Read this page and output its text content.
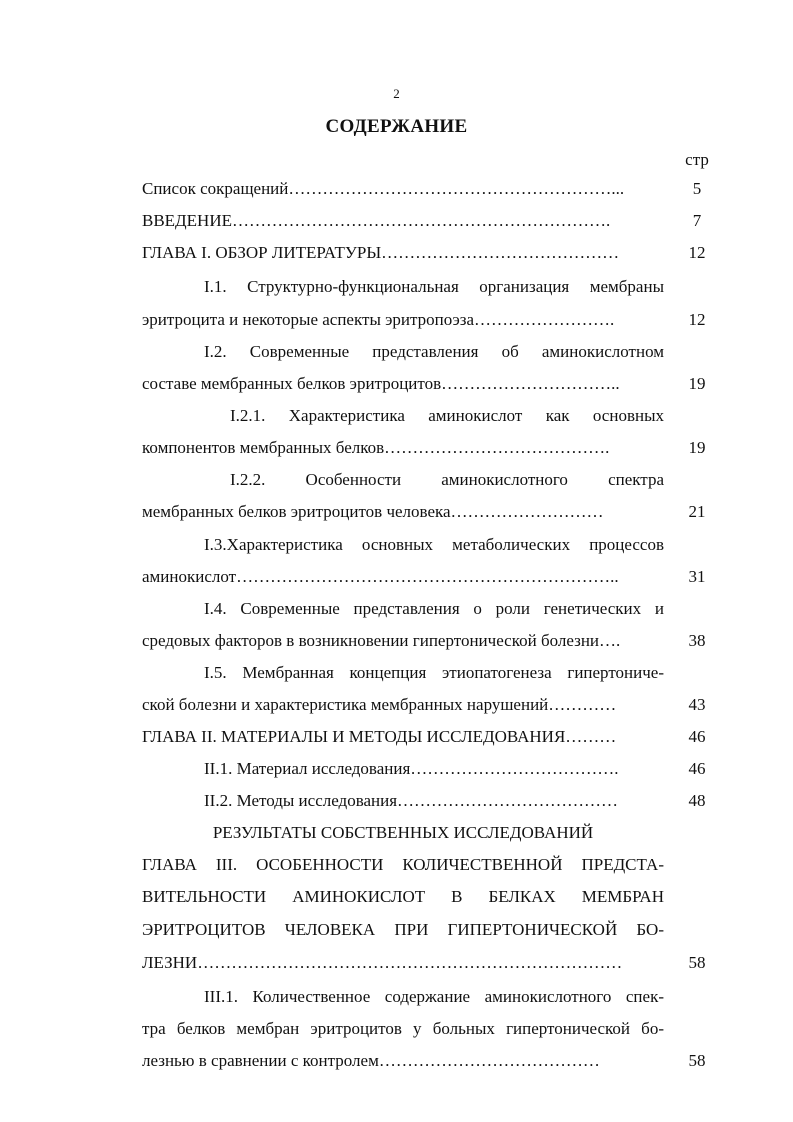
2
СОДЕРЖАНИЕ
стр
Список сокращений…………………………………………………...	5
ВВЕДЕНИЕ………………………………………………………….	7
ГЛАВА I. ОБЗОР ЛИТЕРАТУРЫ……………………………………	12
I.1. Структурно-функциональная организация мембраны
эритроцита и некоторые аспекты эритропоэза…………………….	12
I.2. Современные представления об аминокислотном
составе мембранных белков эритроцитов…………………………..	19
I.2.1. Характеристика аминокислот как основных
компонентов мембранных белков………………………………….	19
I.2.2. Особенности аминокислотного спектра
мембранных белков эритроцитов человека………………………	21
I.3.Характеристика основных метаболических процессов
аминокислот…………………………………………………………..	31
I.4. Современные представления о роли генетических и
средовых факторов в возникновении гипертонической болезни….	38
I.5. Мембранная концепция этиопатогенеза гипертониче-
ской болезни и характеристика мембранных нарушений…………	43
ГЛАВА II. МАТЕРИАЛЫ И МЕТОДЫ ИССЛЕДОВАНИЯ………	46
II.1. Материал исследования……………………………….	46
II.2. Методы исследования…………………………………	48
РЕЗУЛЬТАТЫ СОБСТВЕННЫХ ИССЛЕДОВАНИЙ
ГЛАВА III. ОСОБЕННОСТИ КОЛИЧЕСТВЕННОЙ ПРЕДСТА-
ВИТЕЛЬНОСТИ АМИНОКИСЛОТ В БЕЛКАХ МЕМБРАН
ЭРИТРОЦИТОВ ЧЕЛОВЕКА ПРИ ГИПЕРТОНИЧЕСКОЙ БО-
ЛЕЗНИ…………………………………………………………………	58
III.1. Количественное содержание аминокислотного спек-
тра белков мембран эритроцитов у больных гипертонической бо-
лезнью в сравнении с контролем…………………………………	58
